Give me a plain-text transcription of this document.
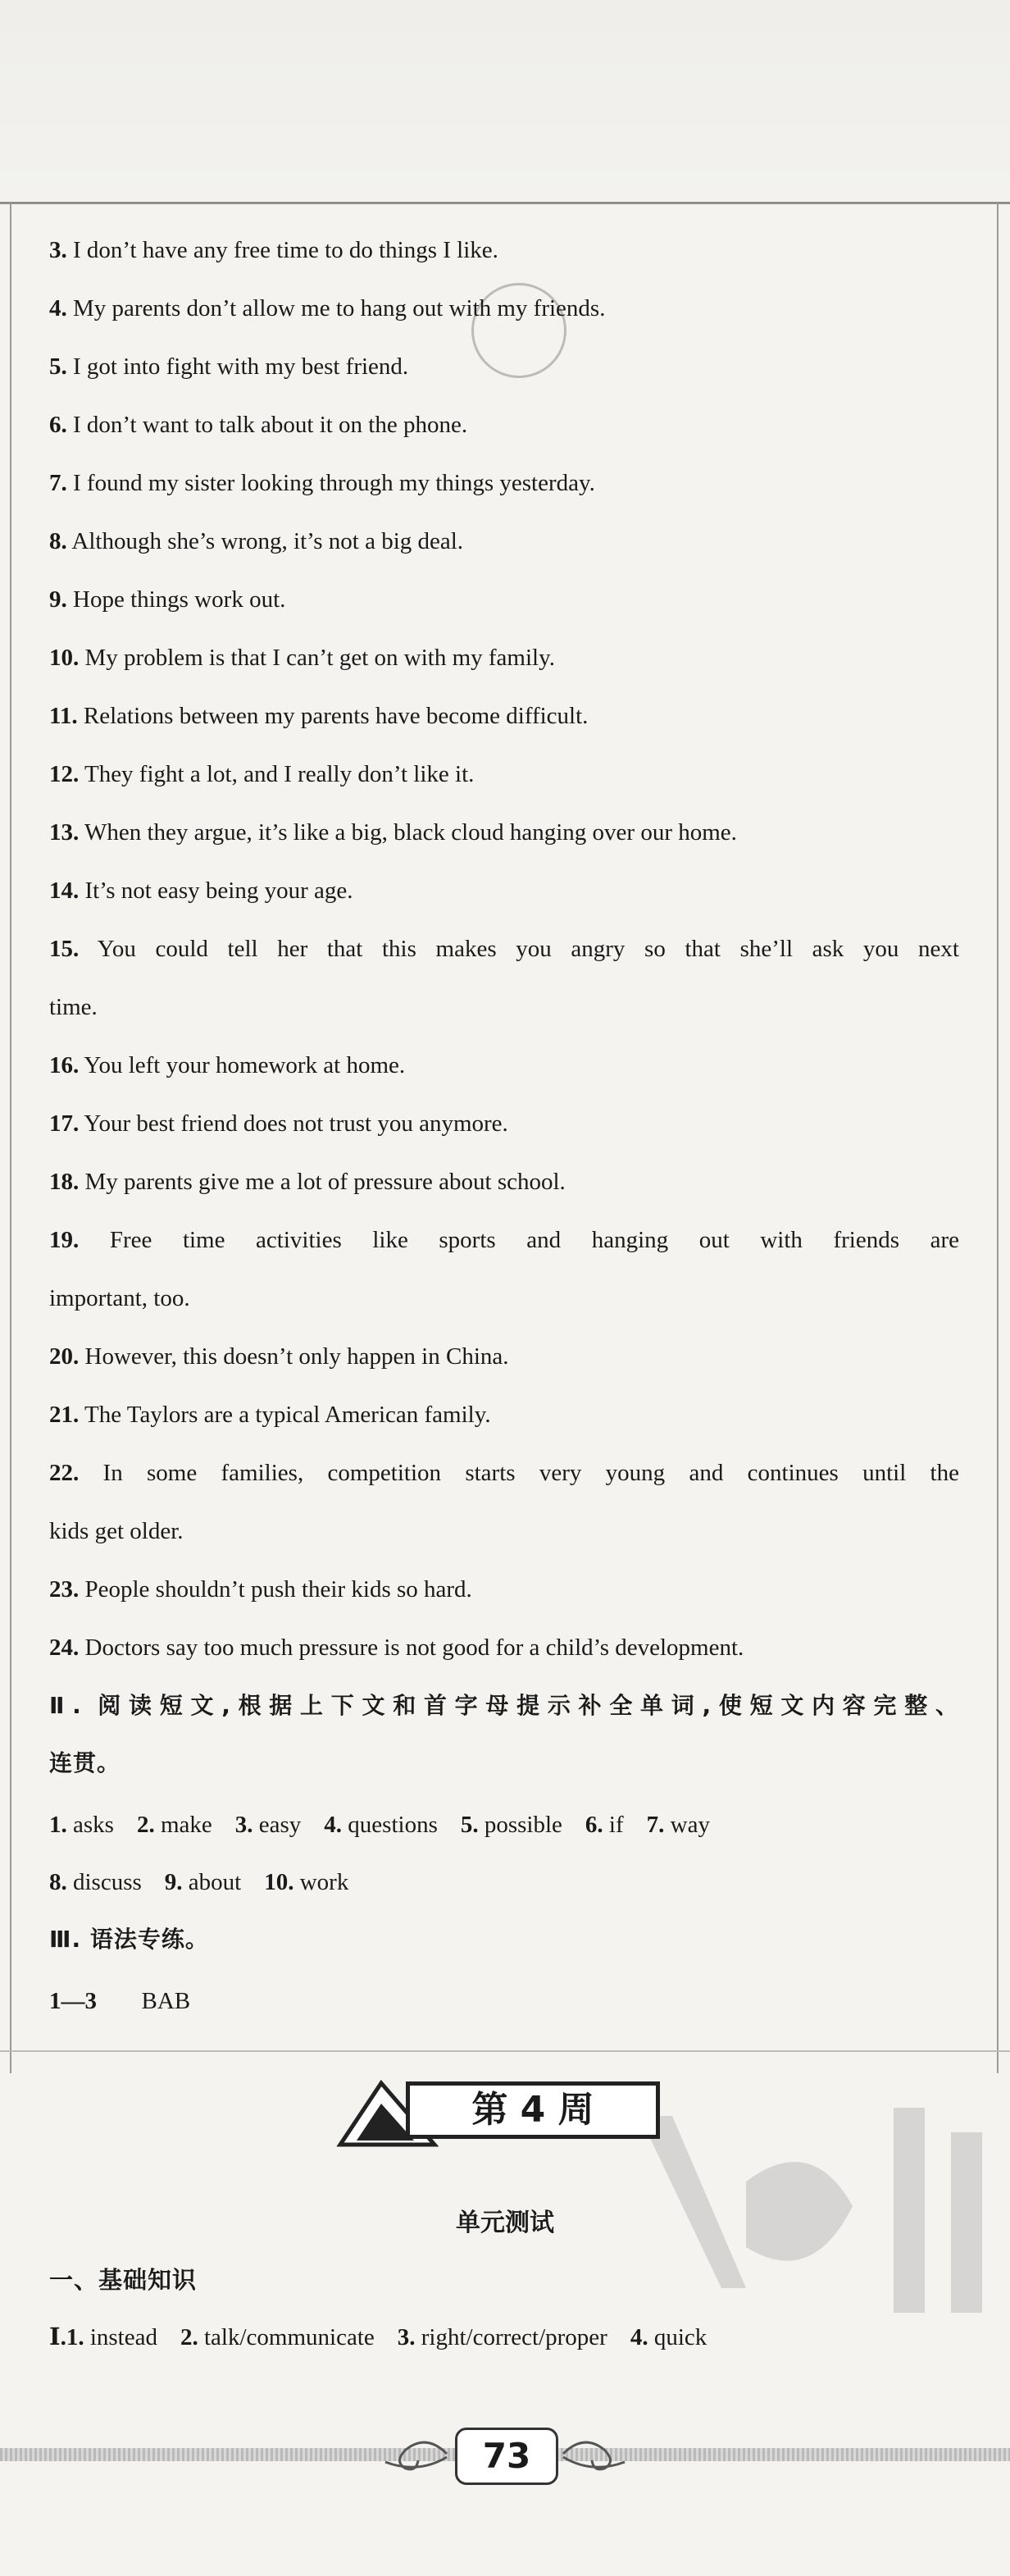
3. I don’t have any free time to do things I like.
4. My parents don’t allow me to hang out with my friends.
5. I got into fight with my best friend.
6. I don’t want to talk about it on the phone.
7. I found my sister looking through my things yesterday.
8. Although she’s wrong, it’s not a big deal.
9. Hope things work out.
10. My problem is that I can’t get on with my family.
11. Relations between my parents have become difficult.
12. They fight a lot, and I really don’t like it.
13. When they argue, it’s like a big, black cloud hanging over our home.
14. It’s not easy being your age.
15. You could tell her that this makes you angry so that she’ll ask you next
time.
16. You left your homework at home.
17. Your best friend does not trust you anymore.
18. My parents give me a lot of pressure about school.
19. Free time activities like sports and hanging out with friends are
important, too.
20. However, this doesn’t only happen in China.
21. The Taylors are a typical American family.
22. In some families, competition starts very young and continues until the
kids get older.
23. People shouldn’t push their kids so hard.
24. Doctors say too much pressure is not good for a child’s development.
Ⅱ. 阅读短文,根据上下文和首字母提示补全单词,使短文内容完整、
连贯。
1. asks 2. make 3. easy 4. questions 5. possible 6. if 7. way
8. discuss 9. about 10. work
Ⅲ. 语法专练。
1—3 BAB
第 4 周
单元测试
一、基础知识
Ⅰ.1. instead 2. talk/communicate 3. right/correct/proper 4. quick
73
